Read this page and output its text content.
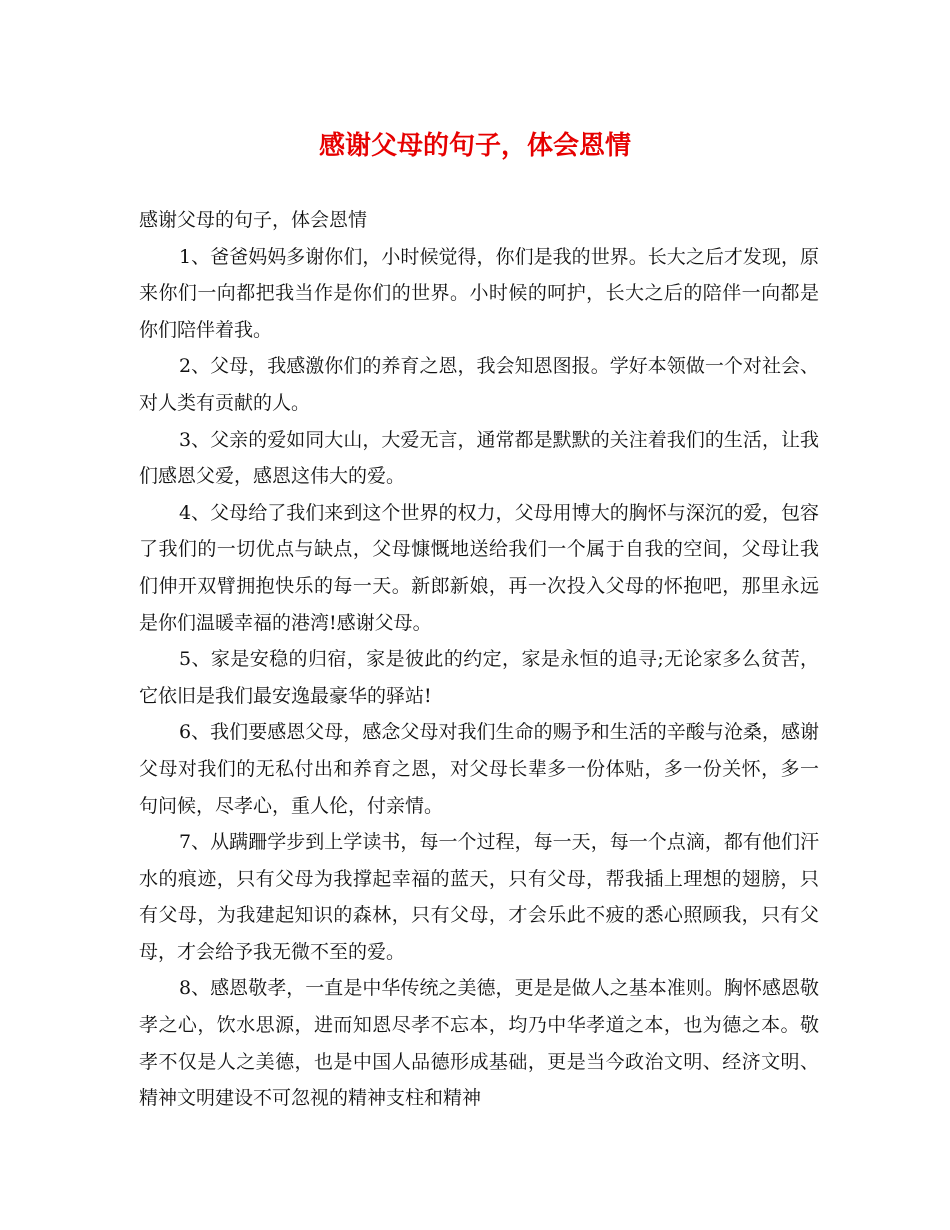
感谢父母的句子，体会恩情

感谢父母的句子，体会恩情

1、爸爸妈妈多谢你们，小时候觉得，你们是我的世界。长大之后才发现，原来你们一向都把我当作是你们的世界。小时候的呵护，长大之后的陪伴一向都是你们陪伴着我。

2、父母，我感激你们的养育之恩，我会知恩图报。学好本领做一个对社会、对人类有贡献的人。

3、父亲的爱如同大山，大爱无言，通常都是默默的关注着我们的生活，让我们感恩父爱，感恩这伟大的爱。

4、父母给了我们来到这个世界的权力，父母用博大的胸怀与深沉的爱，包容了我们的一切优点与缺点，父母慷慨地送给我们一个属于自我的空间，父母让我们伸开双臂拥抱快乐的每一天。新郎新娘，再一次投入父母的怀抱吧，那里永远是你们温暖幸福的港湾!感谢父母。

5、家是安稳的归宿，家是彼此的约定，家是永恒的追寻;无论家多么贫苦，它依旧是我们最安逸最豪华的驿站!

6、我们要感恩父母，感念父母对我们生命的赐予和生活的辛酸与沧桑，感谢父母对我们的无私付出和养育之恩，对父母长辈多一份体贴，多一份关怀，多一句问候，尽孝心，重人伦，付亲情。

7、从蹒跚学步到上学读书，每一个过程，每一天，每一个点滴，都有他们汗水的痕迹，只有父母为我撑起幸福的蓝天，只有父母，帮我插上理想的翅膀，只有父母，为我建起知识的森林，只有父母，才会乐此不疲的悉心照顾我，只有父母，才会给予我无微不至的爱。

8、感恩敬孝，一直是中华传统之美德，更是是做人之基本准则。胸怀感恩敬孝之心，饮水思源，进而知恩尽孝不忘本，均乃中华孝道之本，也为德之本。敬孝不仅是人之美德，也是中国人品德形成基础，更是当今政治文明、经济文明、精神文明建设不可忽视的精神支柱和精神
